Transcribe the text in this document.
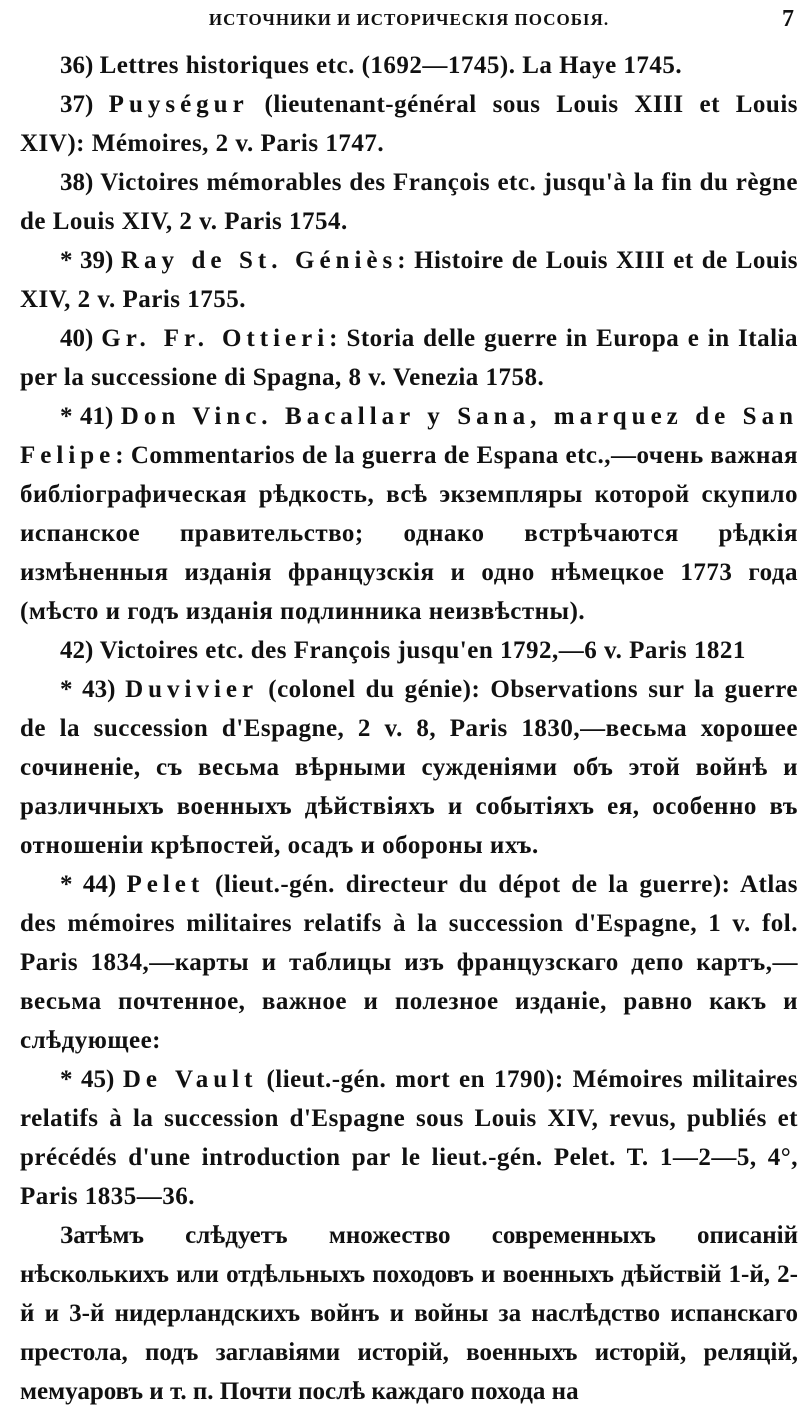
ИСТОЧНИКИ И ИСТОРИЧЕСКІЯ ПОСОБІЯ.	7

36) Lettres historiques etc. (1692—1745). La Haye 1745.

37) Puységur (lieutenant-général sous Louis XIII et Louis XIV): Mémoires, 2 v. Paris 1747.

38) Victoires mémorables des François etc. jusqu'à la fin du règne de Louis XIV, 2 v. Paris 1754.

* 39) Ray de St. Géniès: Histoire de Louis XIII et de Louis XIV, 2 v. Paris 1755.

40) Gr. Fr. Ottieri: Storia delle guerre in Europa e in Italia per la successione di Spagna, 8 v. Venezia 1758.

* 41) Don Vinc. Bacallar y Sana, marquez de San Felipe: Commentarios de la guerra de Espana etc.,—очень важная библіографическая рѣдкость, всѣ экземпляры которой скупило испанское правительство; однако встрѣчаются рѣдкія измѣненныя изданія французскія и одно нѣмецкое 1773 года (мѣсто и годъ изданія подлинника неизвѣстны).

42) Victoires etc. des François jusqu'en 1792,—6 v. Paris 1821

* 43) Duvivier (colonel du génie): Observations sur la guerre de la succession d'Espagne, 2 v. 8, Paris 1830,—весьма хорошее сочиненіе, съ весьма вѣрными сужденіями объ этой войнѣ и различныхъ военныхъ дѣйствіяхъ и событіяхъ ея, особенно въ отношеніи крѣпостей, осадъ и обороны ихъ.

* 44) Pelet (lieut.-gén. directeur du dépot de la guerre): Atlas des mémoires militaires relatifs à la succession d'Espagne, 1 v. fol. Paris 1834,—карты и таблицы изъ французскаго депо картъ,— весьма почтенное, важное и полезное изданіе, равно какъ и слѣдующее:

* 45) De Vault (lieut.-gén. mort en 1790): Mémoires militaires relatifs à la succession d'Espagne sous Louis XIV, revus, publiés et précédés d'une introduction par le lieut.-gén. Pelet. T. 1—2—5, 4°, Paris 1835—36.

Затѣмъ слѣдуетъ множество современныхъ описаній нѣсколькихъ или отдѣльныхъ походовъ и военныхъ дѣйствій 1-й, 2-й и 3-й нидерландскихъ войнъ и войны за наслѣдство испанскаго престола, подъ заглавіями исторій, военныхъ исторій, реляцій, мемуаровъ и т. п. Почти послѣ каждаго похода на
